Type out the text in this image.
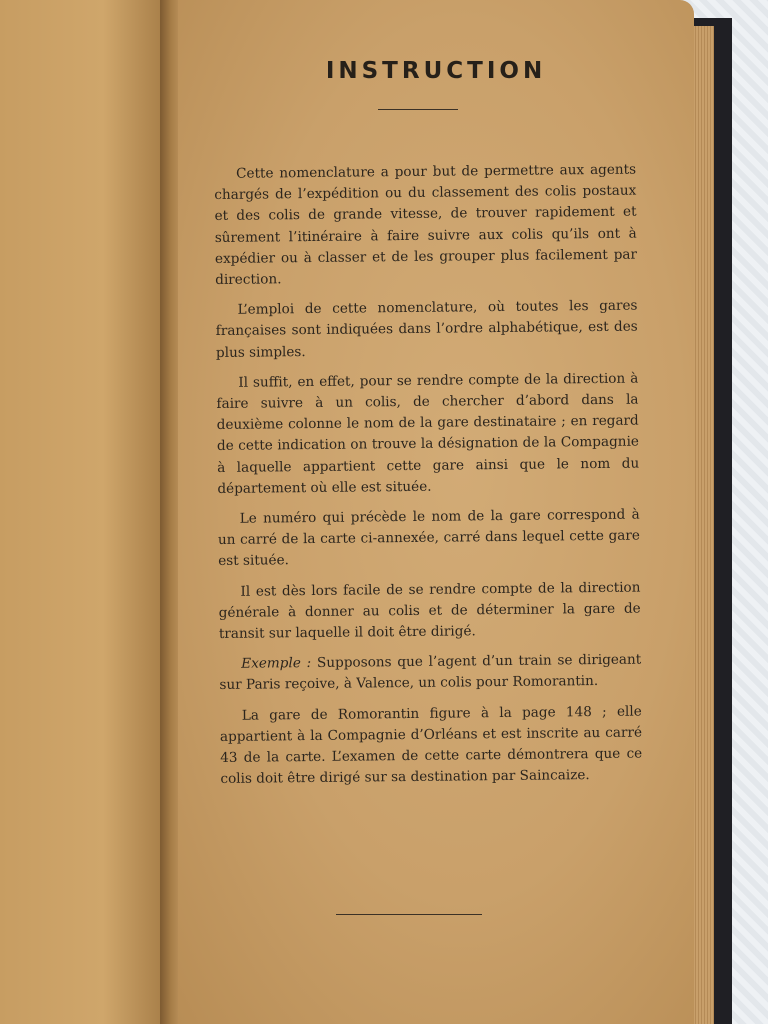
INSTRUCTION

Cette nomenclature a pour but de permettre aux agents chargés de l’expédition ou du classement des colis postaux et des colis de grande vitesse, de trouver rapidement et sûrement l’itinéraire à faire suivre aux colis qu’ils ont à expédier ou à classer et de les grouper plus facilement par direction.

L’emploi de cette nomenclature, où toutes les gares françaises sont indiquées dans l’ordre alphabétique, est des plus simples.

Il suffit, en effet, pour se rendre compte de la direction à faire suivre à un colis, de chercher d’abord dans la deuxième colonne le nom de la gare destinataire ; en regard de cette indication on trouve la désignation de la Compagnie à laquelle appartient cette gare ainsi que le nom du département où elle est située.

Le numéro qui précède le nom de la gare correspond à un carré de la carte ci-annexée, carré dans lequel cette gare est située.

Il est dès lors facile de se rendre compte de la direction générale à donner au colis et de déterminer la gare de transit sur laquelle il doit être dirigé.

Exemple : Supposons que l’agent d’un train se dirigeant sur Paris reçoive, à Valence, un colis pour Romorantin.

La gare de Romorantin figure à la page 148 ; elle appartient à la Compagnie d’Orléans et est inscrite au carré 43 de la carte. L’examen de cette carte démontrera que ce colis doit être dirigé sur sa destination par Saincaize.
